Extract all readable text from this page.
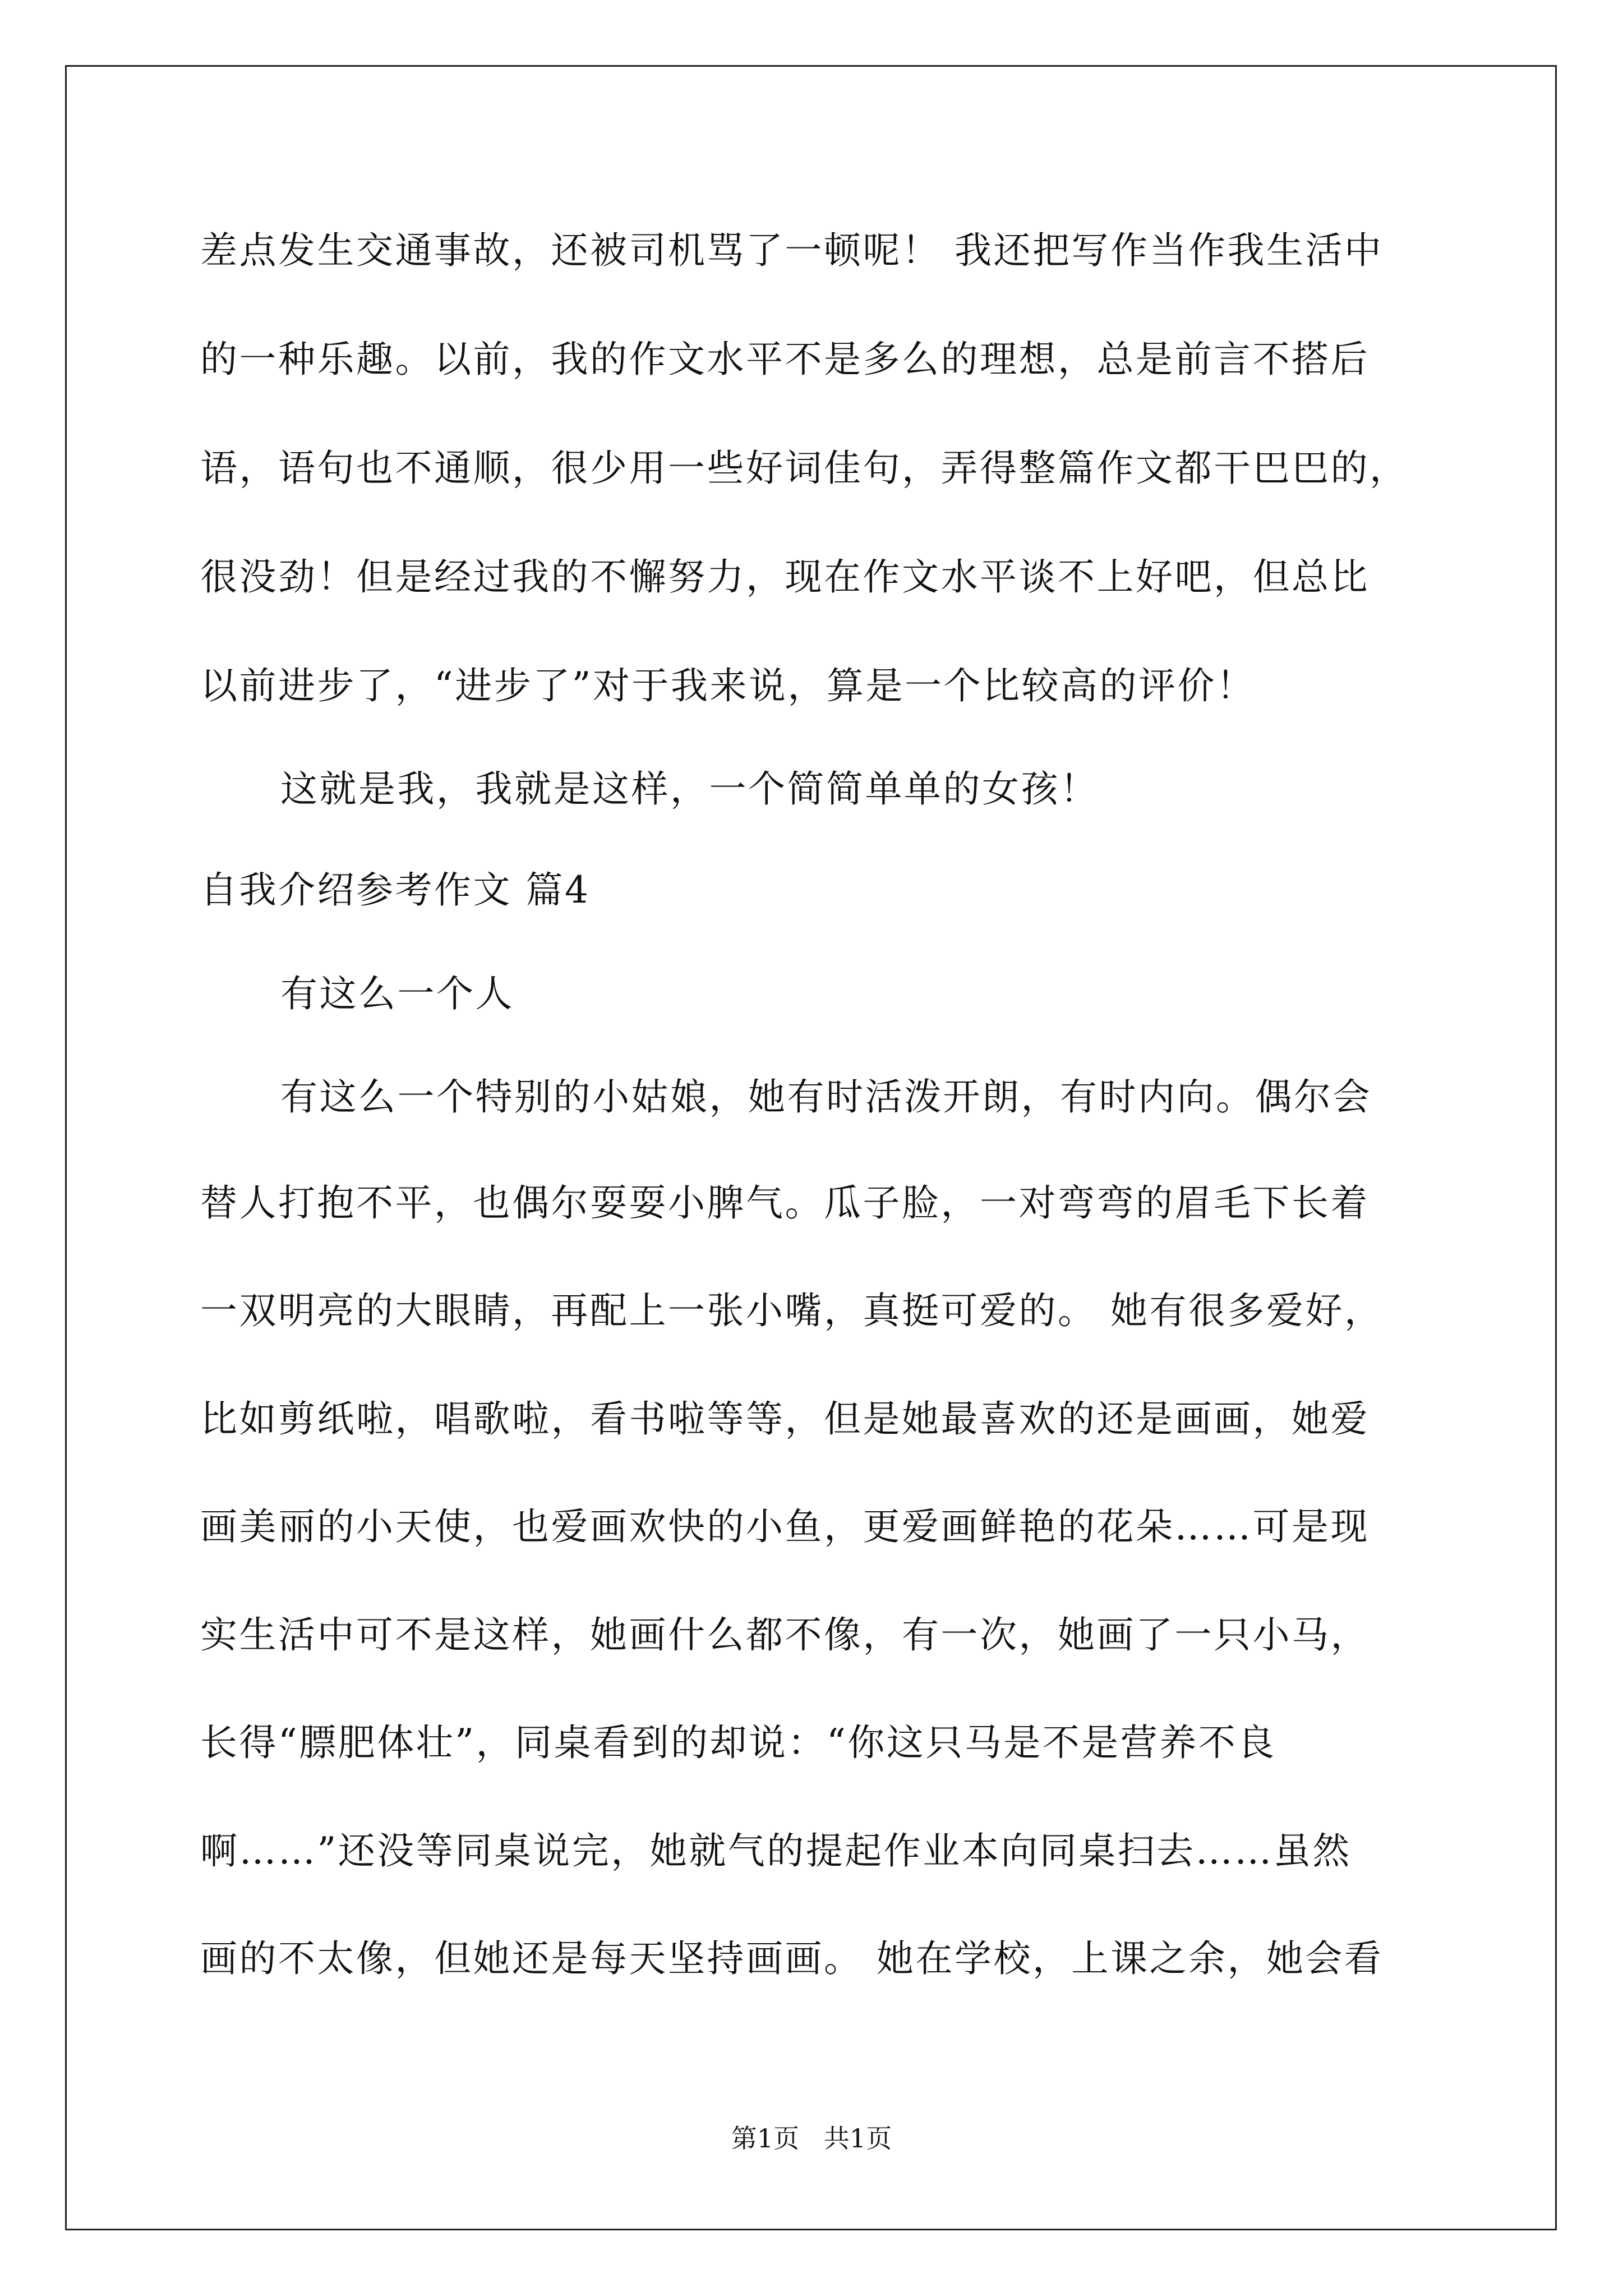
差点发生交通事故，还被司机骂了一顿呢！ 我还把写作当作我生活中
的一种乐趣。以前，我的作文水平不是多么的理想，总是前言不搭后
语，语句也不通顺，很少用一些好词佳句，弄得整篇作文都干巴巴的，
很没劲！但是经过我的不懈努力，现在作文水平谈不上好吧，但总比
以前进步了，“进步了”对于我来说，算是一个比较高的评价！
这就是我，我就是这样，一个简简单单的女孩！
自我介绍参考作文 篇4
有这么一个人
有这么一个特别的小姑娘，她有时活泼开朗，有时内向。偶尔会
替人打抱不平，也偶尔耍耍小脾气。瓜子脸，一对弯弯的眉毛下长着
一双明亮的大眼睛，再配上一张小嘴，真挺可爱的。 她有很多爱好，
比如剪纸啦，唱歌啦，看书啦等等，但是她最喜欢的还是画画，她爱
画美丽的小天使，也爱画欢快的小鱼，更爱画鲜艳的花朵……可是现
实生活中可不是这样，她画什么都不像，有一次，她画了一只小马，
长得“膘肥体壮”，同桌看到的却说：“你这只马是不是营养不良
啊……”还没等同桌说完，她就气的提起作业本向同桌扫去……虽然
画的不太像，但她还是每天坚持画画。 她在学校，上课之余，她会看
第1页   共1页
